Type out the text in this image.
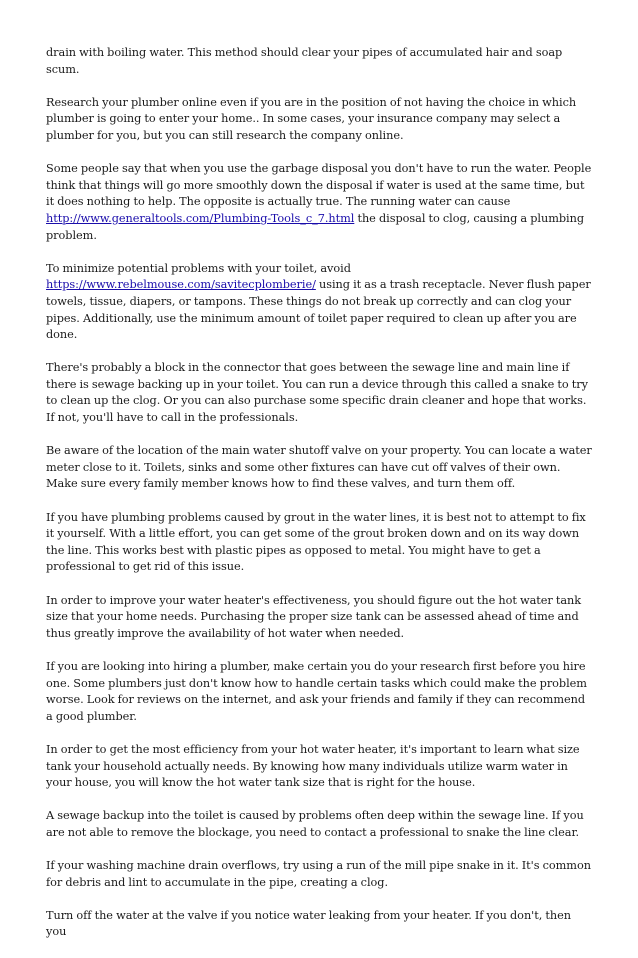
drain with boiling water. This method should clear your pipes of accumulated hair and soap scum.

Research your plumber online even if you are in the position of not having the choice in which plumber is going to enter your home.. In some cases, your insurance company may select a plumber for you, but you can still research the company online.

Some people say that when you use the garbage disposal you don't have to run the water. People think that things will go more smoothly down the disposal if water is used at the same time, but it does nothing to help. The opposite is actually true. The running water can cause http://www.generaltools.com/Plumbing-Tools_c_7.html the disposal to clog, causing a plumbing problem.

To minimize potential problems with your toilet, avoid https://www.rebelmouse.com/savitecplomberie/ using it as a trash receptacle. Never flush paper towels, tissue, diapers, or tampons. These things do not break up correctly and can clog your pipes. Additionally, use the minimum amount of toilet paper required to clean up after you are done.

There's probably a block in the connector that goes between the sewage line and main line if there is sewage backing up in your toilet. You can run a device through this called a snake to try to clean up the clog. Or you can also purchase some specific drain cleaner and hope that works. If not, you'll have to call in the professionals.

Be aware of the location of the main water shutoff valve on your property. You can locate a water meter close to it. Toilets, sinks and some other fixtures can have cut off valves of their own. Make sure every family member knows how to find these valves, and turn them off.

If you have plumbing problems caused by grout in the water lines, it is best not to attempt to fix it yourself. With a little effort, you can get some of the grout broken down and on its way down the line. This works best with plastic pipes as opposed to metal. You might have to get a professional to get rid of this issue.

In order to improve your water heater's effectiveness, you should figure out the hot water tank size that your home needs. Purchasing the proper size tank can be assessed ahead of time and thus greatly improve the availability of hot water when needed.

If you are looking into hiring a plumber, make certain you do your research first before you hire one. Some plumbers just don't know how to handle certain tasks which could make the problem worse. Look for reviews on the internet, and ask your friends and family if they can recommend a good plumber.

In order to get the most efficiency from your hot water heater, it's important to learn what size tank your household actually needs. By knowing how many individuals utilize warm water in your house, you will know the hot water tank size that is right for the house.

A sewage backup into the toilet is caused by problems often deep within the sewage line. If you are not able to remove the blockage, you need to contact a professional to snake the line clear.

If your washing machine drain overflows, try using a run of the mill pipe snake in it. It's common for debris and lint to accumulate in the pipe, creating a clog.

Turn off the water at the valve if you notice water leaking from your heater. If you don't, then you
